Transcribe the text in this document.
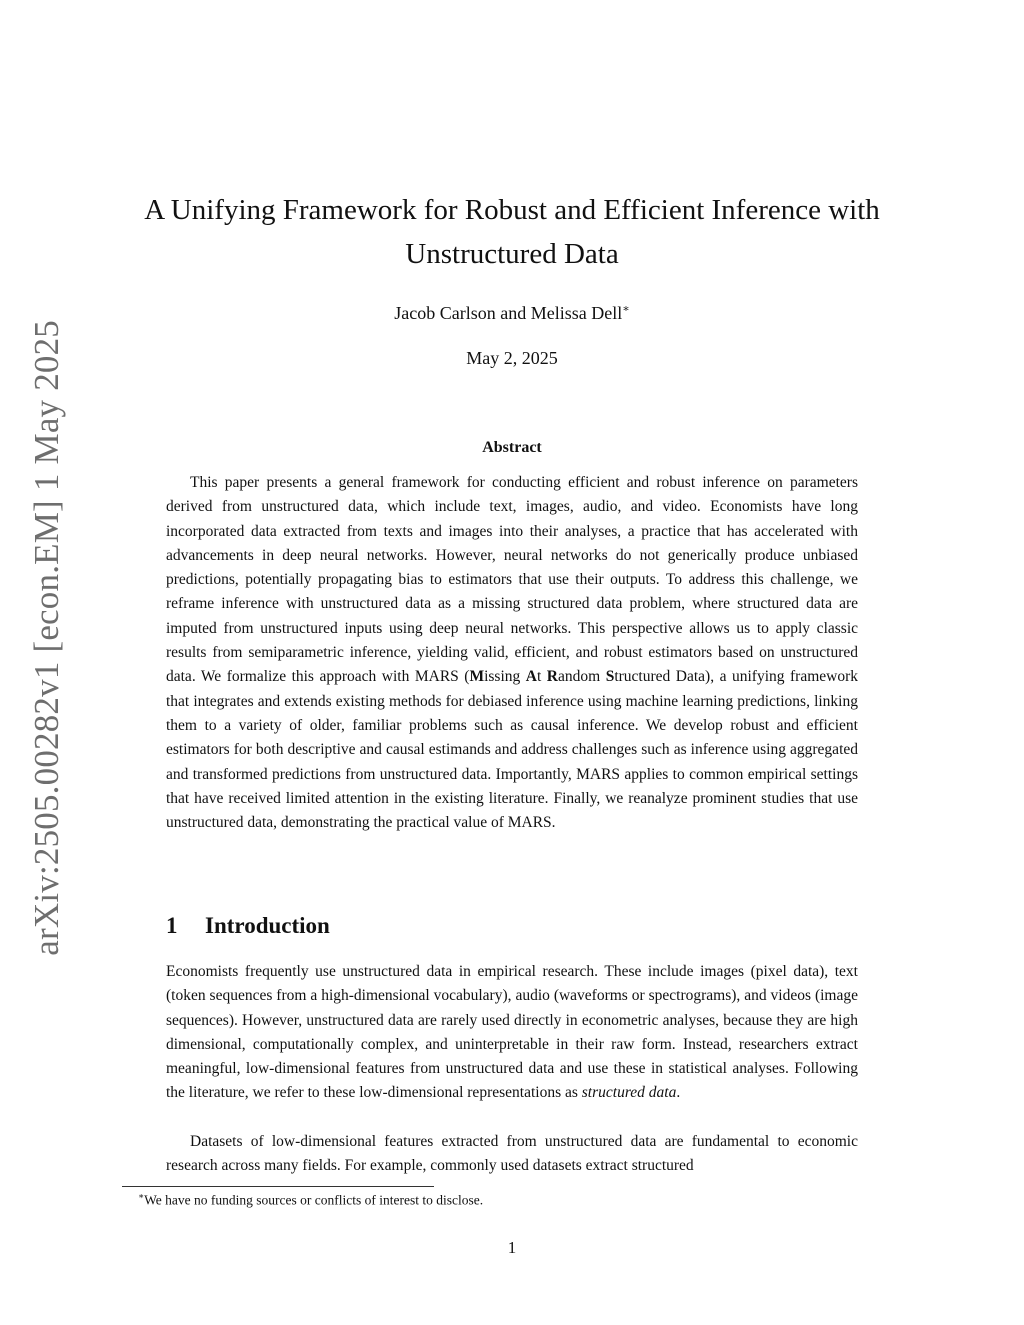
arXiv:2505.00282v1 [econ.EM] 1 May 2025
A Unifying Framework for Robust and Efficient Inference with
Unstructured Data
Jacob Carlson and Melissa Dell∗
May 2, 2025
Abstract

This paper presents a general framework for conducting efficient and robust inference on parameters derived from unstructured data, which include text, images, audio, and video. Economists have long incorporated data extracted from texts and images into their analyses, a practice that has accelerated with advancements in deep neural networks. However, neural networks do not generically produce unbiased predictions, potentially propagating bias to estimators that use their outputs. To address this challenge, we reframe inference with unstructured data as a missing structured data problem, where structured data are imputed from unstructured inputs using deep neural networks. This perspective allows us to apply classic results from semiparametric inference, yielding valid, efficient, and robust estimators based on unstructured data. We formalize this approach with MARS (Missing At Random Structured Data), a unifying framework that integrates and extends existing methods for debiased inference using machine learning predictions, linking them to a variety of older, familiar problems such as causal inference. We develop robust and efficient estimators for both descriptive and causal estimands and address challenges such as inference using aggregated and transformed predictions from unstructured data. Importantly, MARS applies to common empirical settings that have received limited attention in the existing literature. Finally, we reanalyze prominent studies that use unstructured data, demonstrating the practical value of MARS.

1 Introduction

Economists frequently use unstructured data in empirical research. These include images (pixel data), text (token sequences from a high-dimensional vocabulary), audio (waveforms or spectrograms), and videos (image sequences). However, unstructured data are rarely used directly in econometric analyses, because they are high dimensional, computationally complex, and uninterpretable in their raw form. Instead, researchers extract meaningful, low-dimensional features from unstructured data and use these in statistical analyses. Following the literature, we refer to these low-dimensional representations as structured data.

Datasets of low-dimensional features extracted from unstructured data are fundamental to economic research across many fields. For example, commonly used datasets extract structured

∗We have no funding sources or conflicts of interest to disclose.
1
